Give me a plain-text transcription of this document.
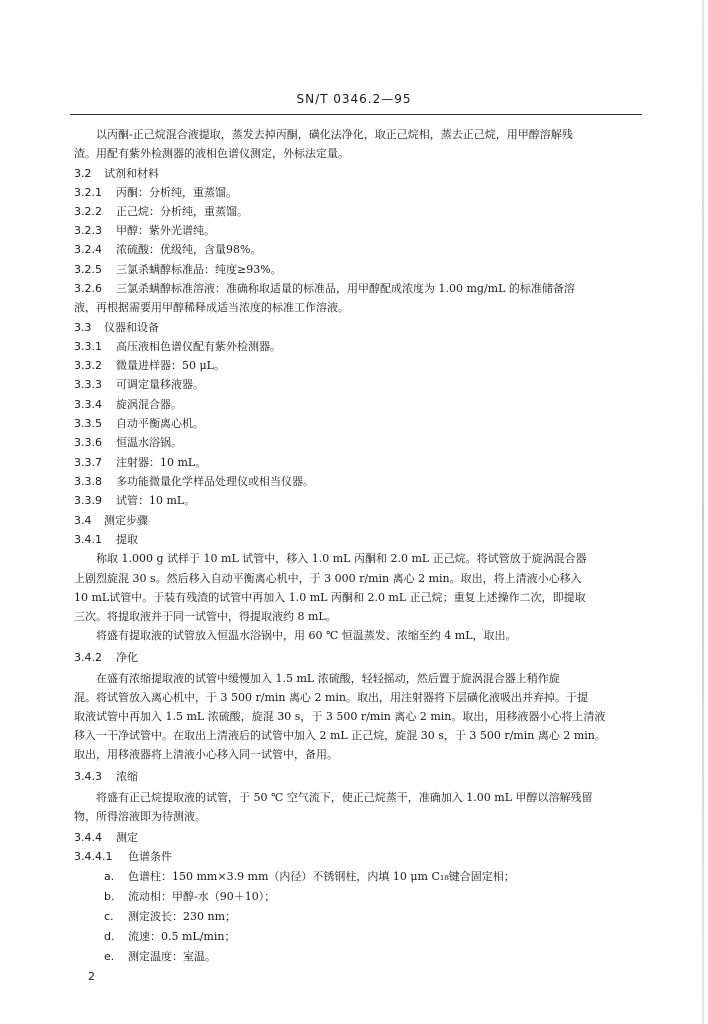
SN/T 0346.2—95
以丙酮-正己烷混合液提取，蒸发去掉丙酮，磺化法净化，取正己烷相，蒸去正己烷，用甲醇溶解残
渣。用配有紫外检测器的液相色谱仪测定，外标法定量。
3.2 试剂和材料
3.2.1 丙酮：分析纯，重蒸馏。
3.2.2 正己烷：分析纯，重蒸馏。
3.2.3 甲醇：紫外光谱纯。
3.2.4 浓硫酸：优级纯，含量98%。
3.2.5 三氯杀螨醇标准品：纯度≥93%。
3.2.6 三氯杀螨醇标准溶液：准确称取适量的标准品，用甲醇配成浓度为 1.00 mg/mL 的标准储备溶
液，再根据需要用甲醇稀释成适当浓度的标准工作溶液。
3.3 仪器和设备
3.3.1 高压液相色谱仪配有紫外检测器。
3.3.2 微量进样器：50 μL。
3.3.3 可调定量移液器。
3.3.4 旋涡混合器。
3.3.5 自动平衡离心机。
3.3.6 恒温水浴锅。
3.3.7 注射器：10 mL。
3.3.8 多功能微量化学样品处理仪或相当仪器。
3.3.9 试管：10 mL。
3.4 测定步骤
3.4.1 提取
称取 1.000 g 试样于 10 mL 试管中，移入 1.0 mL 丙酮和 2.0 mL 正己烷。将试管放于旋涡混合器
上剧烈旋混 30 s。然后移入自动平衡离心机中，于 3 000 r/min 离心 2 min。取出，将上清液小心移入
10 mL试管中。于装有残渣的试管中再加入 1.0 mL 丙酮和 2.0 mL 正己烷；重复上述操作二次，即提取
三次。将提取液并于同一试管中，得提取液约 8 mL。
将盛有提取液的试管放入恒温水浴锅中，用 60 ℃ 恒温蒸发、浓缩至约 4 mL，取出。
3.4.2 净化
在盛有浓缩提取液的试管中缓慢加入 1.5 mL 浓硫酸，轻轻摇动，然后置于旋涡混合器上稍作旋
混。将试管放入离心机中，于 3 500 r/min 离心 2 min。取出，用注射器将下层磺化液吸出并弃掉。于提
取液试管中再加入 1.5 mL 浓硫酸，旋混 30 s，于 3 500 r/min 离心 2 min。取出，用移液器小心将上清液
移入一干净试管中。在取出上清液后的试管中加入 2 mL 正己烷，旋混 30 s，于 3 500 r/min 离心 2 min。
取出，用移液器将上清液小心移入同一试管中，备用。
3.4.3 浓缩
将盛有正己烷提取液的试管，于 50 ℃ 空气流下，使正己烷蒸干，准确加入 1.00 mL 甲醇以溶解残留
物，所得溶液即为待测液。
3.4.4 测定
3.4.4.1 色谱条件
a. 色谱柱：150 mm×3.9 mm（内径）不锈钢柱，内填 10 μm C₁₈键合固定相；
b. 流动相：甲醇-水（90＋10）；
c. 测定波长：230 nm；
d. 流速：0.5 mL/min；
e. 测定温度：室温。
2
